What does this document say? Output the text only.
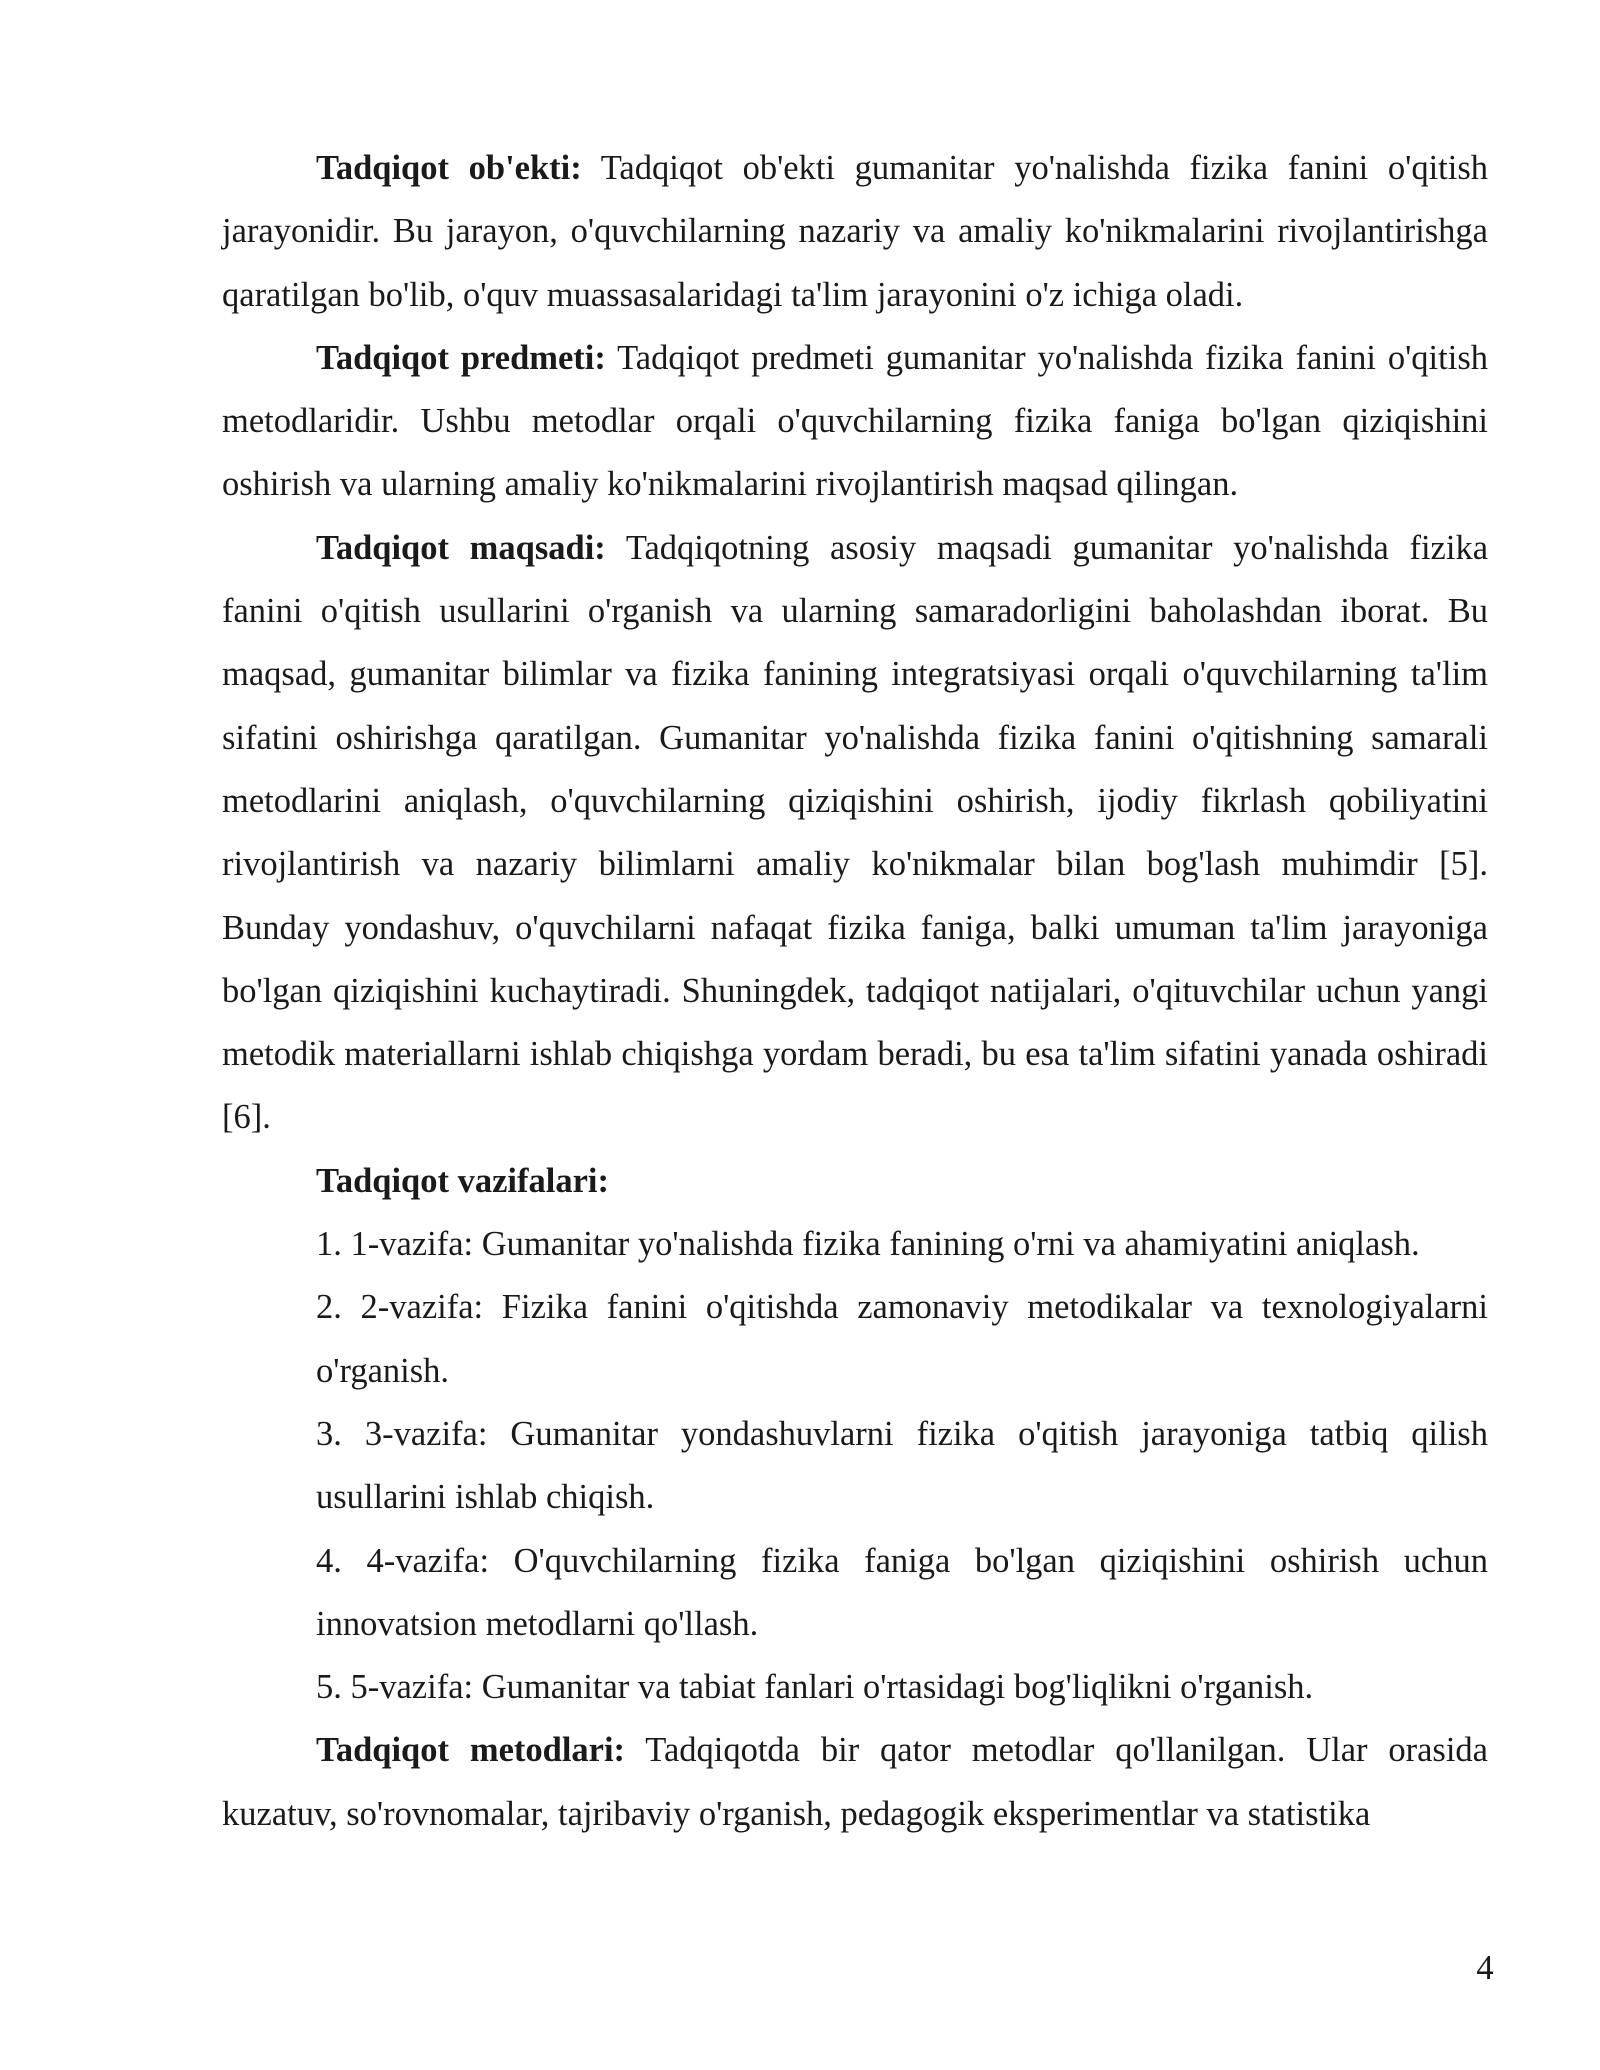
Tadqiqot ob'ekti: Tadqiqot ob'ekti gumanitar yo'nalishda fizika fanini o'qitish jarayonidir. Bu jarayon, o'quvchilarning nazariy va amaliy ko'nikmalarini rivojlantirishga qaratilgan bo'lib, o'quv muassasalaridagi ta'lim jarayonini o'z ichiga oladi.

Tadqiqot predmeti: Tadqiqot predmeti gumanitar yo'nalishda fizika fanini o'qitish metodlaridir. Ushbu metodlar orqali o'quvchilarning fizika faniga bo'lgan qiziqishini oshirish va ularning amaliy ko'nikmalarini rivojlantirish maqsad qilingan.

Tadqiqot maqsadi: Tadqiqotning asosiy maqsadi gumanitar yo'nalishda fizika fanini o'qitish usullarini o'rganish va ularning samaradorligini baholashdan iborat. Bu maqsad, gumanitar bilimlar va fizika fanining integratsiyasi orqali o'quvchilarning ta'lim sifatini oshirishga qaratilgan. Gumanitar yo'nalishda fizika fanini o'qitishning samarali metodlarini aniqlash, o'quvchilarning qiziqishini oshirish, ijodiy fikrlash qobiliyatini rivojlantirish va nazariy bilimlarni amaliy ko'nikmalar bilan bog'lash muhimdir [5]. Bunday yondashuv, o'quvchilarni nafaqat fizika faniga, balki umuman ta'lim jarayoniga bo'lgan qiziqishini kuchaytiradi. Shuningdek, tadqiqot natijalari, o'qituvchilar uchun yangi metodik materiallarni ishlab chiqishga yordam beradi, bu esa ta'lim sifatini yanada oshiradi [6].

Tadqiqot vazifalari:

1. 1-vazifa: Gumanitar yo'nalishda fizika fanining o'rni va ahamiyatini aniqlash.

2. 2-vazifa: Fizika fanini o'qitishda zamonaviy metodikalar va texnologiyalarni o'rganish.

3. 3-vazifa: Gumanitar yondashuvlarni fizika o'qitish jarayoniga tatbiq qilish usullarini ishlab chiqish.

4. 4-vazifa: O'quvchilarning fizika faniga bo'lgan qiziqishini oshirish uchun innovatsion metodlarni qo'llash.

5. 5-vazifa: Gumanitar va tabiat fanlari o'rtasidagi bog'liqlikni o'rganish.

Tadqiqot metodlari: Tadqiqotda bir qator metodlar qo'llanilgan. Ular orasida kuzatuv, so'rovnomalar, tajribaviy o'rganish, pedagogik eksperimentlar va statistika

4
